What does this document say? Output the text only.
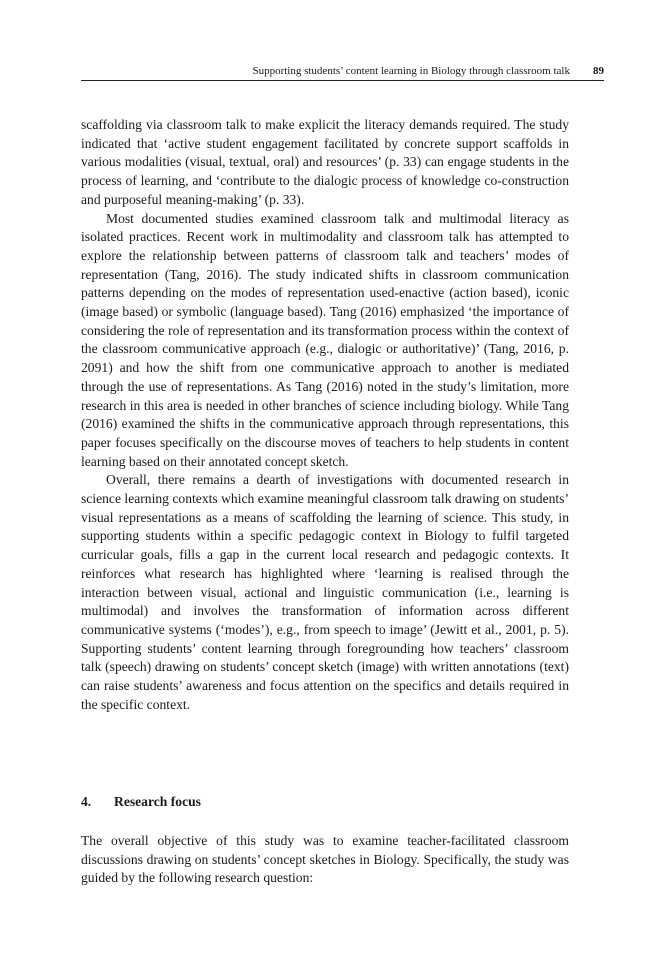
Supporting students’ content learning in Biology through classroom talk 89

scaffolding via classroom talk to make explicit the literacy demands required. The study indicated that ‘active student engagement facilitated by concrete support scaffolds in various modalities (visual, textual, oral) and resources’ (p. 33) can engage students in the process of learning, and ‘contribute to the dialogic process of knowledge co-construction and purposeful meaning-making’ (p. 33).

Most documented studies examined classroom talk and multimodal literacy as isolated practices. Recent work in multimodality and classroom talk has attempted to explore the relationship between patterns of classroom talk and teachers’ modes of representation (Tang, 2016). The study indicated shifts in classroom communication patterns depending on the modes of representation used-enactive (action based), iconic (image based) or symbolic (language based). Tang (2016) emphasized ‘the importance of considering the role of representation and its transformation process within the context of the classroom communicative approach (e.g., dialogic or authoritative)’ (Tang, 2016, p. 2091) and how the shift from one communicative approach to another is mediated through the use of representations. As Tang (2016) noted in the study’s limitation, more research in this area is needed in other branches of science including biology. While Tang (2016) examined the shifts in the communicative approach through representations, this paper focuses specifically on the discourse moves of teachers to help students in content learning based on their annotated concept sketch.

Overall, there remains a dearth of investigations with documented research in science learning contexts which examine meaningful classroom talk drawing on students’ visual representations as a means of scaffolding the learning of science. This study, in supporting students within a specific pedagogic context in Biology to fulfil targeted curricular goals, fills a gap in the current local research and pedagogic contexts. It reinforces what research has highlighted where ‘learning is realised through the interaction between visual, actional and linguistic communication (i.e., learning is multimodal) and involves the transformation of information across different communicative systems (‘modes’), e.g., from speech to image’ (Jewitt et al., 2001, p. 5). Supporting students’ content learning through foregrounding how teachers’ classroom talk (speech) drawing on students’ concept sketch (image) with written annotations (text) can raise students’ awareness and focus attention on the specifics and details required in the specific context.

4. Research focus

The overall objective of this study was to examine teacher-facilitated classroom discussions drawing on students’ concept sketches in Biology. Specifically, the study was guided by the following research question:
